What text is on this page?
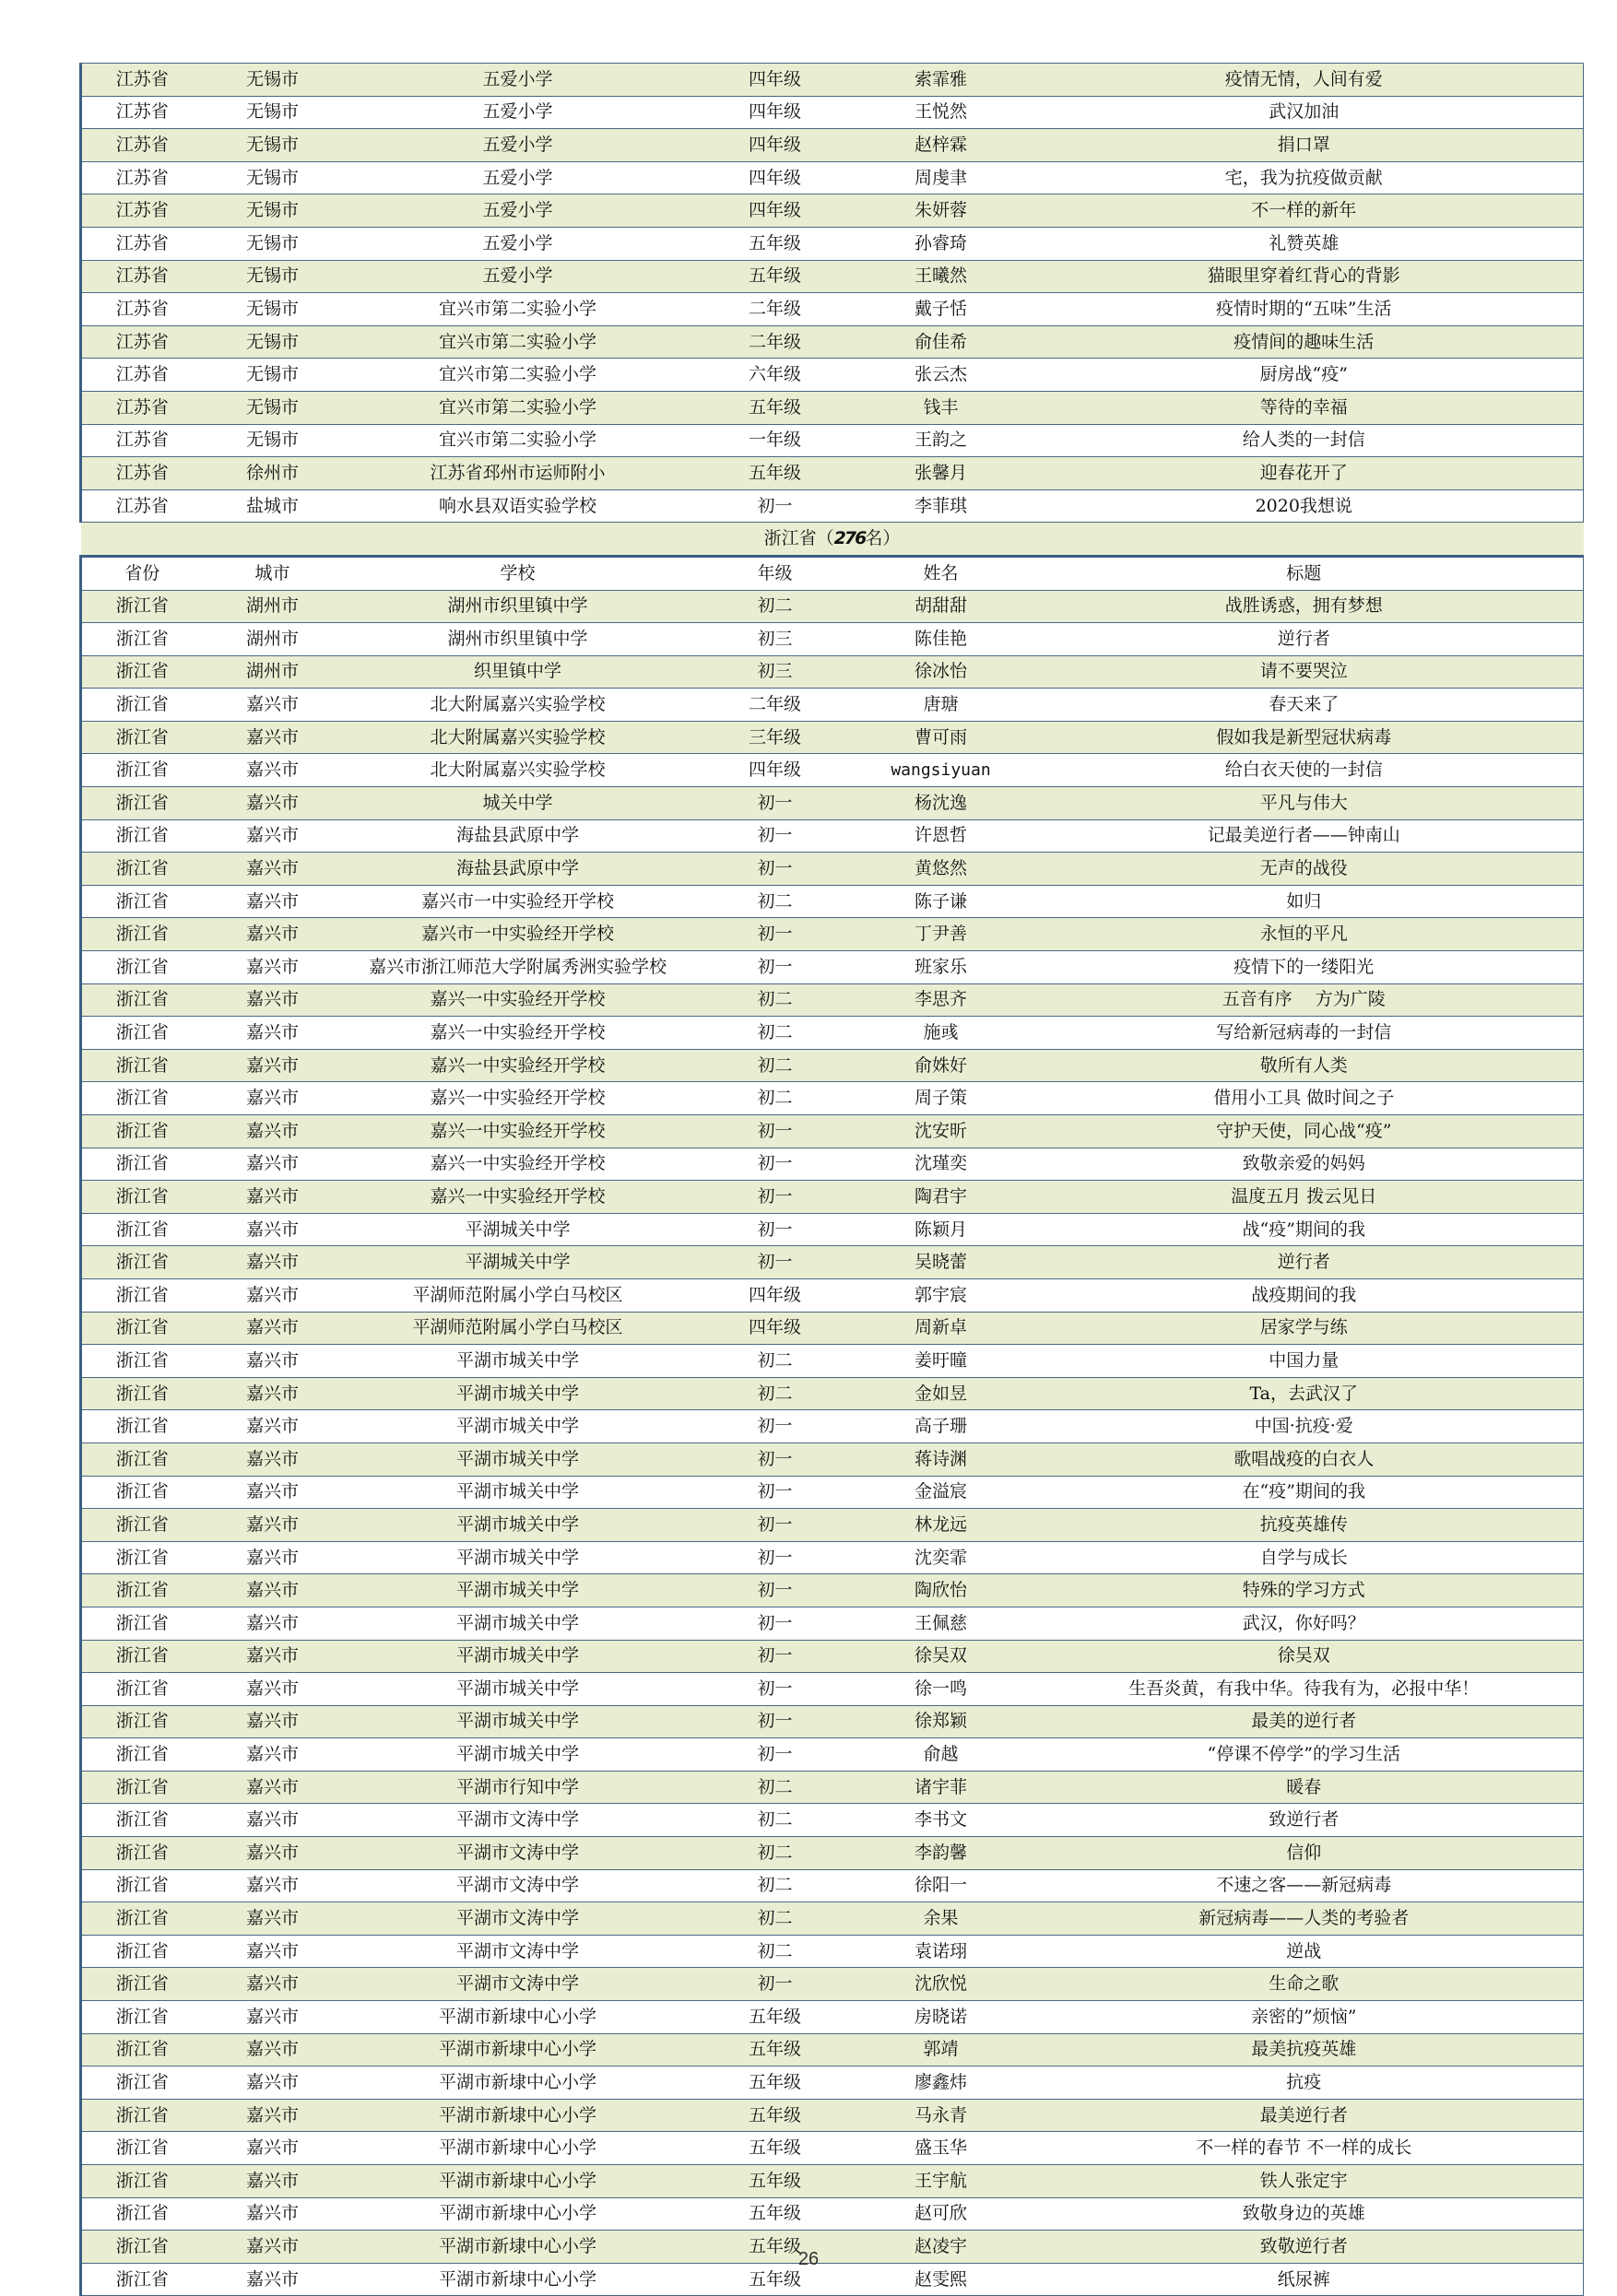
江苏省	无锡市	五爱小学	四年级	索霏雅	疫情无情，人间有爱
江苏省	无锡市	五爱小学	四年级	王悦然	武汉加油
江苏省	无锡市	五爱小学	四年级	赵梓霖	捐口罩
江苏省	无锡市	五爱小学	四年级	周虔聿	宅，我为抗疫做贡献
江苏省	无锡市	五爱小学	四年级	朱妍蓉	不一样的新年
江苏省	无锡市	五爱小学	五年级	孙睿琦	礼赞英雄
江苏省	无锡市	五爱小学	五年级	王曦然	猫眼里穿着红背心的背影
江苏省	无锡市	宜兴市第二实验小学	二年级	戴子恬	疫情时期的“五味”生活
江苏省	无锡市	宜兴市第二实验小学	二年级	俞佳希	疫情间的趣味生活
江苏省	无锡市	宜兴市第二实验小学	六年级	张云杰	厨房战“疫”
江苏省	无锡市	宜兴市第二实验小学	五年级	钱丰	等待的幸福
江苏省	无锡市	宜兴市第二实验小学	一年级	王韵之	给人类的一封信
江苏省	徐州市	江苏省邳州市运师附小	五年级	张馨月	迎春花开了
江苏省	盐城市	响水县双语实验学校	初一	李菲琪	2020我想说
浙江省（276名）					
省份	城市	学校	年级	姓名	标题
浙江省	湖州市	湖州市织里镇中学	初二	胡甜甜	战胜诱惑，拥有梦想
浙江省	湖州市	湖州市织里镇中学	初三	陈佳艳	逆行者
浙江省	湖州市	织里镇中学	初三	徐冰怡	请不要哭泣
浙江省	嘉兴市	北大附属嘉兴实验学校	二年级	唐瑭	春天来了
浙江省	嘉兴市	北大附属嘉兴实验学校	三年级	曹可雨	假如我是新型冠状病毒
浙江省	嘉兴市	北大附属嘉兴实验学校	四年级	wangsiyuan	给白衣天使的一封信
浙江省	嘉兴市	城关中学	初一	杨沈逸	平凡与伟大
浙江省	嘉兴市	海盐县武原中学	初一	许恩哲	记最美逆行者——钟南山
浙江省	嘉兴市	海盐县武原中学	初一	黄悠然	无声的战役
浙江省	嘉兴市	嘉兴市一中实验经开学校	初二	陈子谦	如归
浙江省	嘉兴市	嘉兴市一中实验经开学校	初一	丁尹善	永恒的平凡
浙江省	嘉兴市	嘉兴市浙江师范大学附属秀洲实验学校	初一	班家乐	疫情下的一缕阳光
浙江省	嘉兴市	嘉兴一中实验经开学校	初二	李思齐	五音有序　 方为广陵
浙江省	嘉兴市	嘉兴一中实验经开学校	初二	施彧	写给新冠病毒的一封信
浙江省	嘉兴市	嘉兴一中实验经开学校	初二	俞姝好	敬所有人类
浙江省	嘉兴市	嘉兴一中实验经开学校	初二	周子策	借用小工具 做时间之子
浙江省	嘉兴市	嘉兴一中实验经开学校	初一	沈安昕	守护天使，同心战“疫”
浙江省	嘉兴市	嘉兴一中实验经开学校	初一	沈瑾奕	致敬亲爱的妈妈
浙江省	嘉兴市	嘉兴一中实验经开学校	初一	陶君宇	温度五月 拨云见日
浙江省	嘉兴市	平湖城关中学	初一	陈颖月	战“疫”期间的我
浙江省	嘉兴市	平湖城关中学	初一	吴晓蕾	逆行者
浙江省	嘉兴市	平湖师范附属小学白马校区	四年级	郭宇宸	战疫期间的我
浙江省	嘉兴市	平湖师范附属小学白马校区	四年级	周新卓	居家学与练
浙江省	嘉兴市	平湖市城关中学	初二	姜旴曈	中国力量
浙江省	嘉兴市	平湖市城关中学	初二	金如昱	Ta，去武汉了
浙江省	嘉兴市	平湖市城关中学	初一	高子珊	中国·抗疫·爱
浙江省	嘉兴市	平湖市城关中学	初一	蒋诗渊	歌唱战疫的白衣人
浙江省	嘉兴市	平湖市城关中学	初一	金溢宸	在“疫”期间的我
浙江省	嘉兴市	平湖市城关中学	初一	林龙远	抗疫英雄传
浙江省	嘉兴市	平湖市城关中学	初一	沈奕霏	自学与成长
浙江省	嘉兴市	平湖市城关中学	初一	陶欣怡	特殊的学习方式
浙江省	嘉兴市	平湖市城关中学	初一	王佩慈	武汉，你好吗？
浙江省	嘉兴市	平湖市城关中学	初一	徐吴双	徐吴双
浙江省	嘉兴市	平湖市城关中学	初一	徐一鸣	生吾炎黄，有我中华。待我有为，必报中华！
浙江省	嘉兴市	平湖市城关中学	初一	徐郑颖	最美的逆行者
浙江省	嘉兴市	平湖市城关中学	初一	俞越	“停课不停学”的学习生活
浙江省	嘉兴市	平湖市行知中学	初二	诸宇菲	暖春
浙江省	嘉兴市	平湖市文涛中学	初二	李书文	致逆行者
浙江省	嘉兴市	平湖市文涛中学	初二	李韵馨	信仰
浙江省	嘉兴市	平湖市文涛中学	初二	徐阳一	不速之客——新冠病毒
浙江省	嘉兴市	平湖市文涛中学	初二	余果	新冠病毒——人类的考验者
浙江省	嘉兴市	平湖市文涛中学	初二	袁诺珝	逆战
浙江省	嘉兴市	平湖市文涛中学	初一	沈欣悦	生命之歌
浙江省	嘉兴市	平湖市新埭中心小学	五年级	房晓诺	亲密的”烦恼”
浙江省	嘉兴市	平湖市新埭中心小学	五年级	郭靖	最美抗疫英雄
浙江省	嘉兴市	平湖市新埭中心小学	五年级	廖鑫炜	抗疫
浙江省	嘉兴市	平湖市新埭中心小学	五年级	马永青	最美逆行者
浙江省	嘉兴市	平湖市新埭中心小学	五年级	盛玉华	不一样的春节 不一样的成长
浙江省	嘉兴市	平湖市新埭中心小学	五年级	王宇航	铁人张定宇
浙江省	嘉兴市	平湖市新埭中心小学	五年级	赵可欣	致敬身边的英雄
浙江省	嘉兴市	平湖市新埭中心小学	五年级	赵凌宇	致敬逆行者
浙江省	嘉兴市	平湖市新埭中心小学	五年级	赵雯熙	纸尿裤
26
